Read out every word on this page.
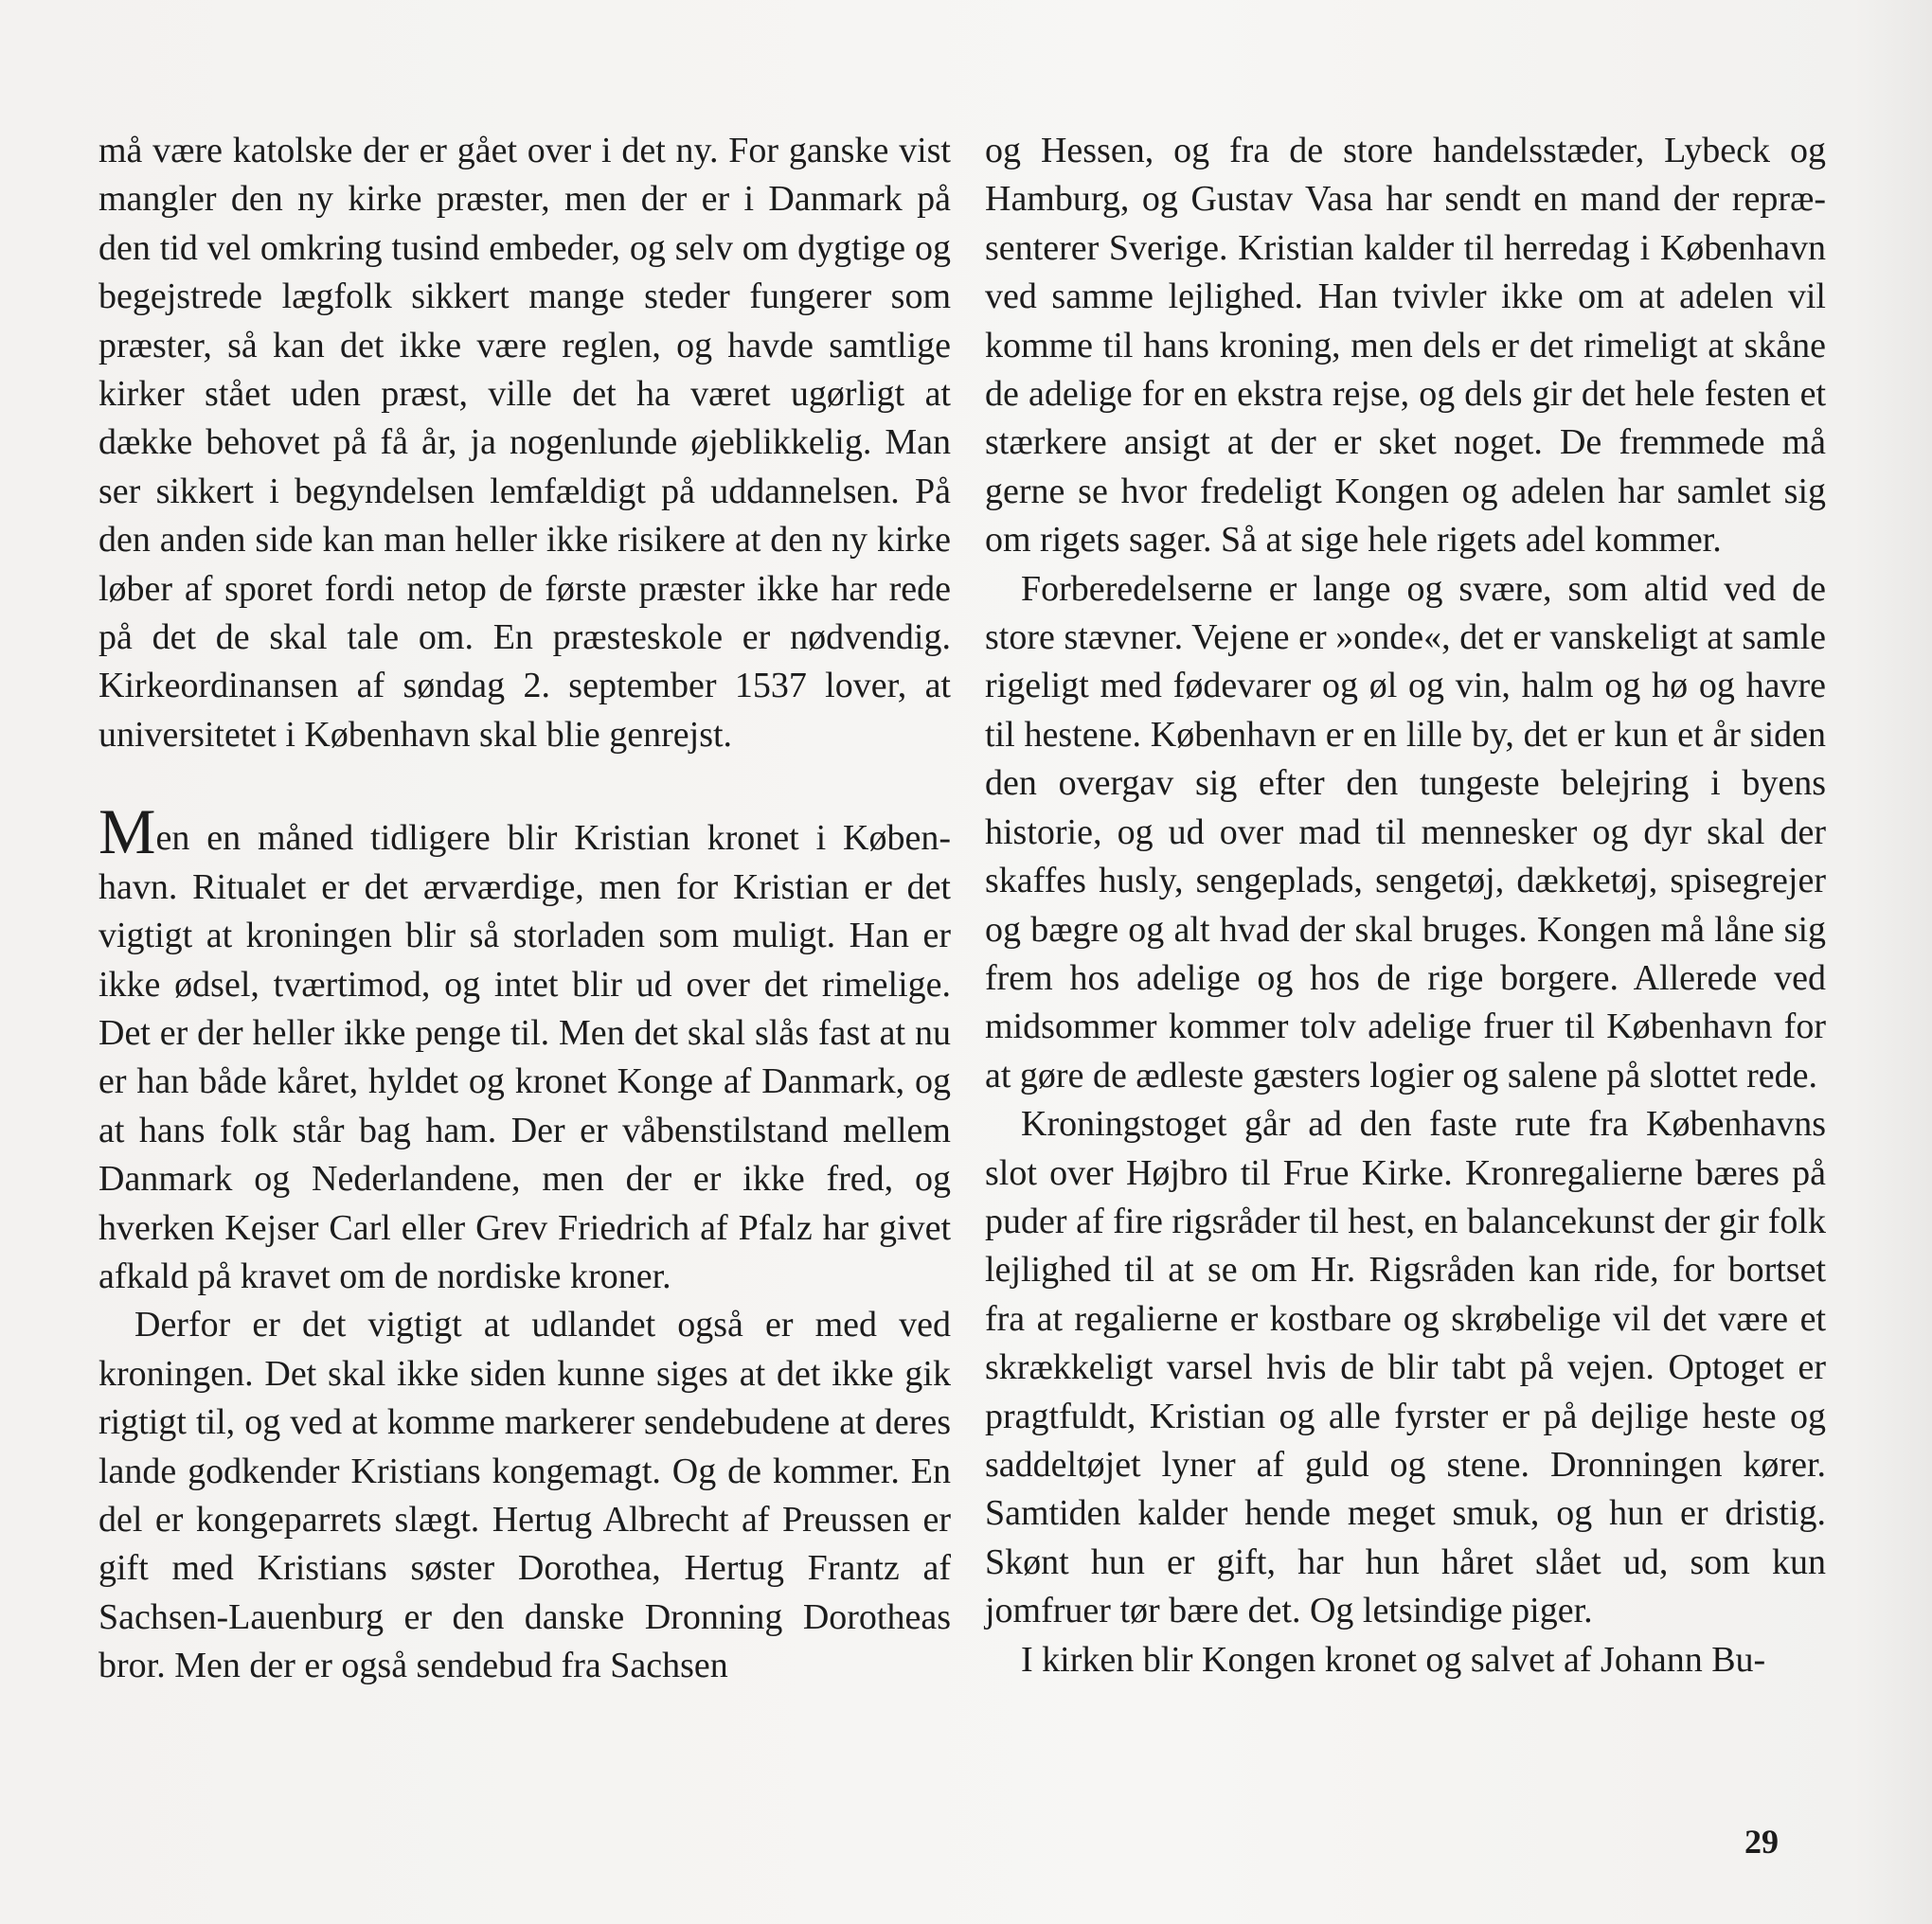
må være katolske der er gået over i det ny. For ganske vist mangler den ny kirke præster, men der er i Danmark på den tid vel omkring tusind embeder, og selv om dygtige og begejstrede lægfolk sikkert mange steder fungerer som præster, så kan det ikke være reglen, og havde samtlige kirker stået uden præst, ville det ha været ugørligt at dække behovet på få år, ja nogenlunde øjeblikkelig. Man ser sikkert i begyndelsen lemfældigt på uddannelsen. På den anden side kan man heller ikke risikere at den ny kirke løber af sporet fordi netop de første præster ikke har rede på det de skal tale om. En præsteskole er nødvendig. Kirkeordinansen af søndag 2. september 1537 lover, at universitetet i København skal blie genrejst.

Men en måned tidligere blir Kristian kronet i København. Ritualet er det ærværdige, men for Kristian er det vigtigt at kroningen blir så storladen som muligt. Han er ikke ødsel, tværtimod, og intet blir ud over det rimelige. Det er der heller ikke penge til. Men det skal slås fast at nu er han både kåret, hyldet og kronet Konge af Danmark, og at hans folk står bag ham. Der er våbenstilstand mellem Danmark og Nederlandene, men der er ikke fred, og hverken Kejser Carl eller Grev Friedrich af Pfalz har givet afkald på kravet om de nordiske kroner.

Derfor er det vigtigt at udlandet også er med ved kroningen. Det skal ikke siden kunne siges at det ikke gik rigtigt til, og ved at komme markerer sendebudene at deres lande godkender Kristians kongemagt. Og de kommer. En del er kongeparrets slægt. Hertug Albrecht af Preussen er gift med Kristians søster Dorothea, Hertug Frantz af Sachsen-Lauenburg er den danske Dronning Dorotheas bror. Men der er også sendebud fra Sachsen

og Hessen, og fra de store handelsstæder, Lybeck og Hamburg, og Gustav Vasa har sendt en mand der repræsenterer Sverige. Kristian kalder til herredag i København ved samme lejlighed. Han tvivler ikke om at adelen vil komme til hans kroning, men dels er det rimeligt at skåne de adelige for en ekstra rejse, og dels gir det hele festen et stærkere ansigt at der er sket noget. De fremmede må gerne se hvor fredeligt Kongen og adelen har samlet sig om rigets sager. Så at sige hele rigets adel kommer.

Forberedelserne er lange og svære, som altid ved de store stævner. Vejene er »onde«, det er vanskeligt at samle rigeligt med fødevarer og øl og vin, halm og hø og havre til hestene. København er en lille by, det er kun et år siden den overgav sig efter den tungeste belejring i byens historie, og ud over mad til mennesker og dyr skal der skaffes husly, sengeplads, sengetøj, dækketøj, spisegrejer og bægre og alt hvad der skal bruges. Kongen må låne sig frem hos adelige og hos de rige borgere. Allerede ved midsommer kommer tolv adelige fruer til København for at gøre de ædleste gæsters logier og salene på slottet rede.

Kroningstoget går ad den faste rute fra Københavns slot over Højbro til Frue Kirke. Kronregalierne bæres på puder af fire rigsråder til hest, en balancekunst der gir folk lejlighed til at se om Hr. Rigsråden kan ride, for bortset fra at regalierne er kostbare og skrøbelige vil det være et skrækkeligt varsel hvis de blir tabt på vejen. Optoget er pragtfuldt, Kristian og alle fyrster er på dejlige heste og saddeltøjet lyner af guld og stene. Dronningen kører. Samtiden kalder hende meget smuk, og hun er dristig. Skønt hun er gift, har hun håret slået ud, som kun jomfruer tør bære det. Og letsindige piger.

I kirken blir Kongen kronet og salvet af Johann Bu-

29
